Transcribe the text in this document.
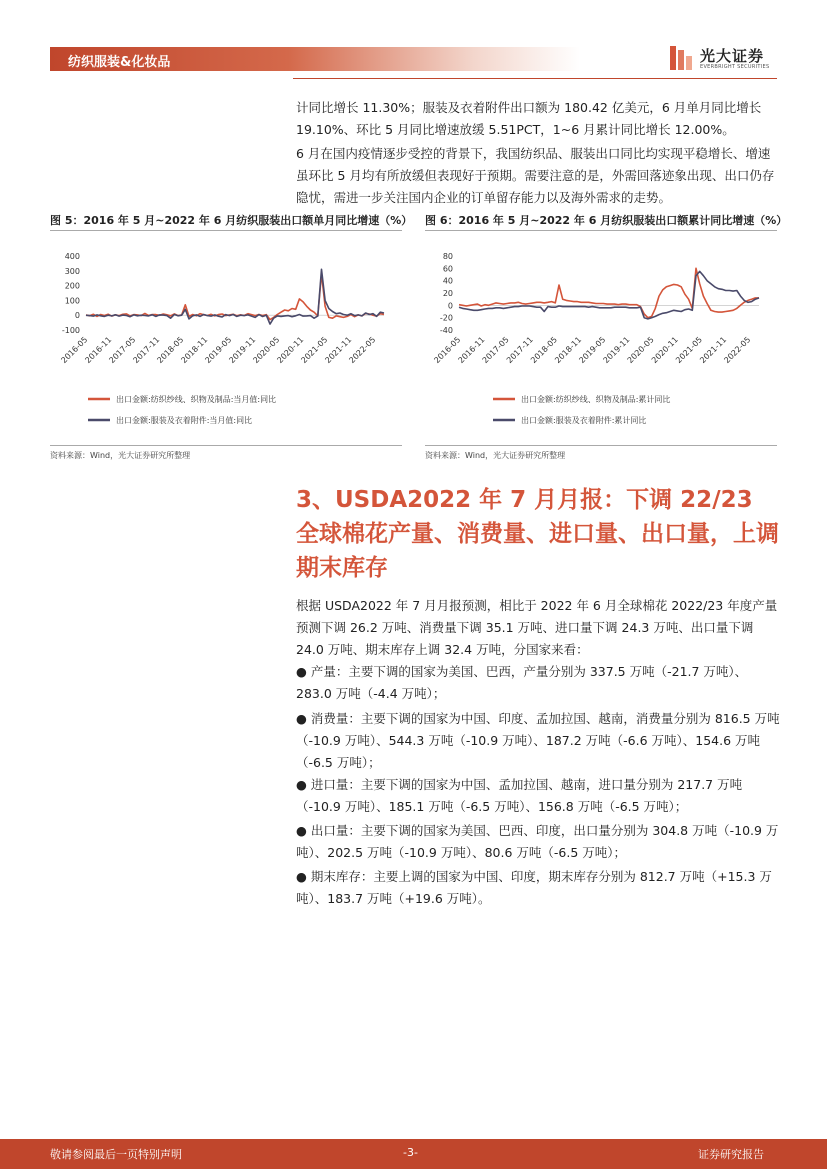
纺织服装&化妆品	光大证券
EVERBRIGHT SECURITIES
计同比增长 11.30%；服装及衣着附件出口额为 180.42 亿美元，6 月单月同比增长 19.10%、环比 5 月同比增速放缓 5.51PCT，1~6 月累计同比增长 12.00%。
6 月在国内疫情逐步受控的背景下，我国纺织品、服装出口同比均实现平稳增长、增速虽环比 5 月均有所放缓但表现好于预期。需要注意的是，外需回落迹象出现、出口仍存隐忧，需进一步关注国内企业的订单留存能力以及海外需求的走势。
图 5：2016 年 5 月~2022 年 6 月纺织服装出口额单月同比增速（%）
400
300
200
100
0
-100
2016-05
2016-11
2017-05
2017-11
2018-05
2018-11
2019-05
2019-11
2020-05
2020-11
2021-05
2021-11
2022-05
出口金额:纺织纱线、织物及制品:当月值:同比
出口金额:服装及衣着附件:当月值:同比
资料来源：Wind，光大证券研究所整理
图 6：2016 年 5 月~2022 年 6 月纺织服装出口额累计同比增速（%）
80
60
40
20
0
-20
-40
2016-05
2016-11
2017-05
2017-11
2018-05
2018-11
2019-05
2019-11
2020-05
2020-11
2021-05
2021-11
2022-05
出口金额:纺织纱线、织物及制品:累计同比
出口金额:服装及衣着附件:累计同比
资料来源：Wind，光大证券研究所整理
3、USDA2022 年 7 月月报：下调 22/23 全球棉花产量、消费量、进口量、出口量，上调期末库存
根据 USDA2022 年 7 月月报预测，相比于 2022 年 6 月全球棉花 2022/23 年度产量预测下调 26.2 万吨、消费量下调 35.1 万吨、进口量下调 24.3 万吨、出口量下调 24.0 万吨、期末库存上调 32.4 万吨，分国家来看：
● 产量：主要下调的国家为美国、巴西，产量分别为 337.5 万吨（-21.7 万吨）、283.0 万吨（-4.4 万吨）；
● 消费量：主要下调的国家为中国、印度、孟加拉国、越南，消费量分别为 816.5 万吨（-10.9 万吨）、544.3 万吨（-10.9 万吨）、187.2 万吨（-6.6 万吨）、154.6 万吨（-6.5 万吨）；
● 进口量：主要下调的国家为中国、孟加拉国、越南，进口量分别为 217.7 万吨（-10.9 万吨）、185.1 万吨（-6.5 万吨）、156.8 万吨（-6.5 万吨）；
● 出口量：主要下调的国家为美国、巴西、印度，出口量分别为 304.8 万吨（-10.9 万吨）、202.5 万吨（-10.9 万吨）、80.6 万吨（-6.5 万吨）；
● 期末库存：主要上调的国家为中国、印度，期末库存分别为 812.7 万吨（+15.3 万吨）、183.7 万吨（+19.6 万吨）。
敬请参阅最后一页特别声明	-3-	证券研究报告
